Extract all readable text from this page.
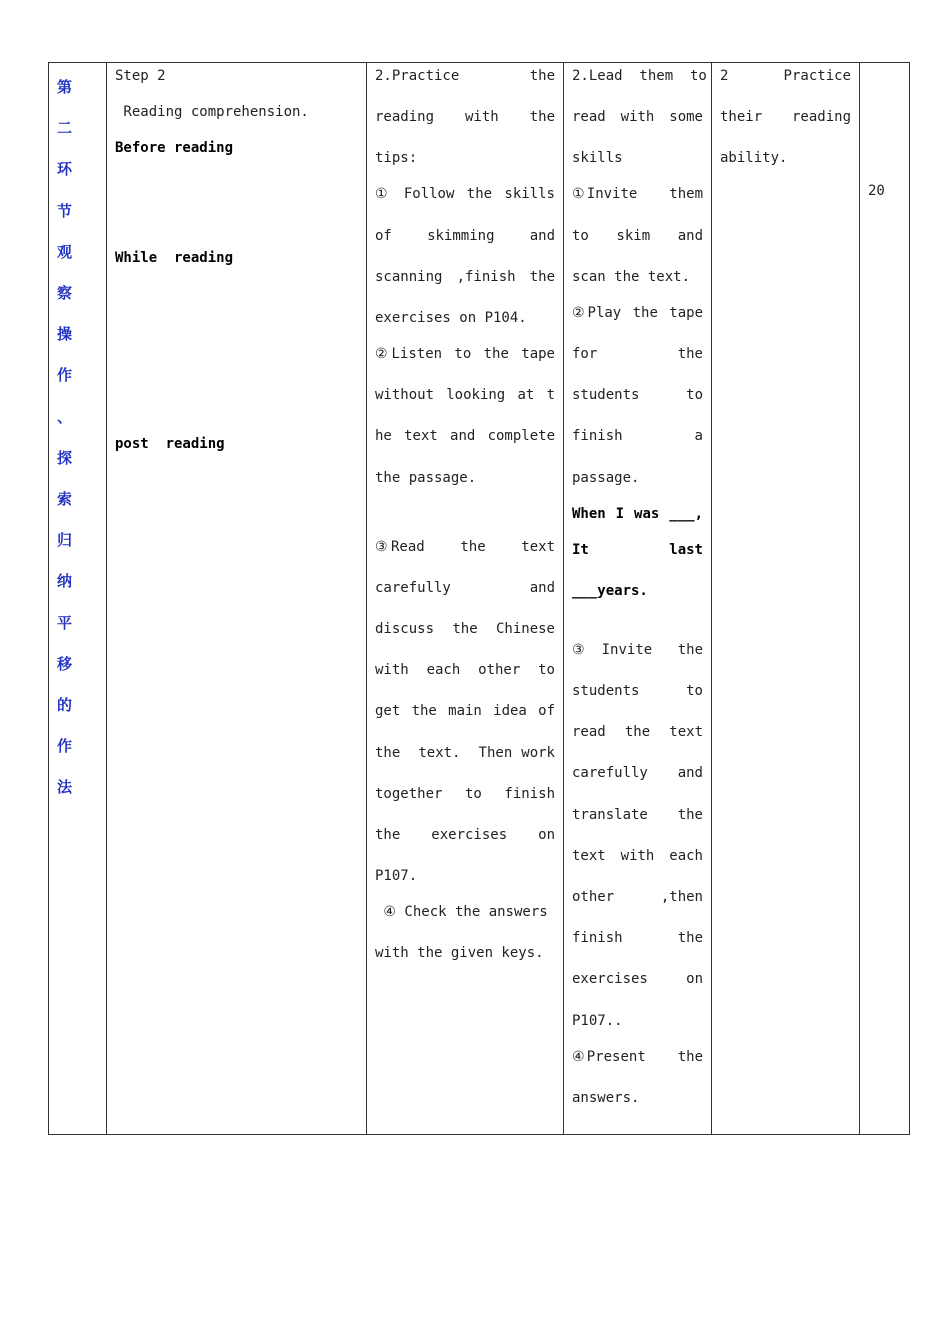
第 二
环 节
观 察
操
作 、
探 索
归 纳
平 移
的 作
法

Step 2
Reading comprehension.
Before reading
While  reading
post  reading

2.Practice    the
reading  with  the
tips:
① Follow the skills
of  skimming  and
scanning ,finish the
exercises on P104.
②Listen to the tape
without looking at t
he text and complete
the passage.
③Read   the   text
carefully      and
discuss  the  Chinese
with  each  other  to
get the main idea of
the  text.  Then work
together  to  finish
the  exercises  on
P107.
④ Check the answers
with the given keys.

2.Lead  them  to
read with some
skills
①Invite   them
to  skim  and
scan the text.
②Play the tape
for        the
students     to
finish       a
passage.
When I was ___,
It        last
___years.
③ Invite  the
students    to
read the text
carefully  and
translate  the
text with each
other    ,then
finish      the
exercises    on
P107..
④Present   the
answers.

2     Practice
their   reading
ability.

20
